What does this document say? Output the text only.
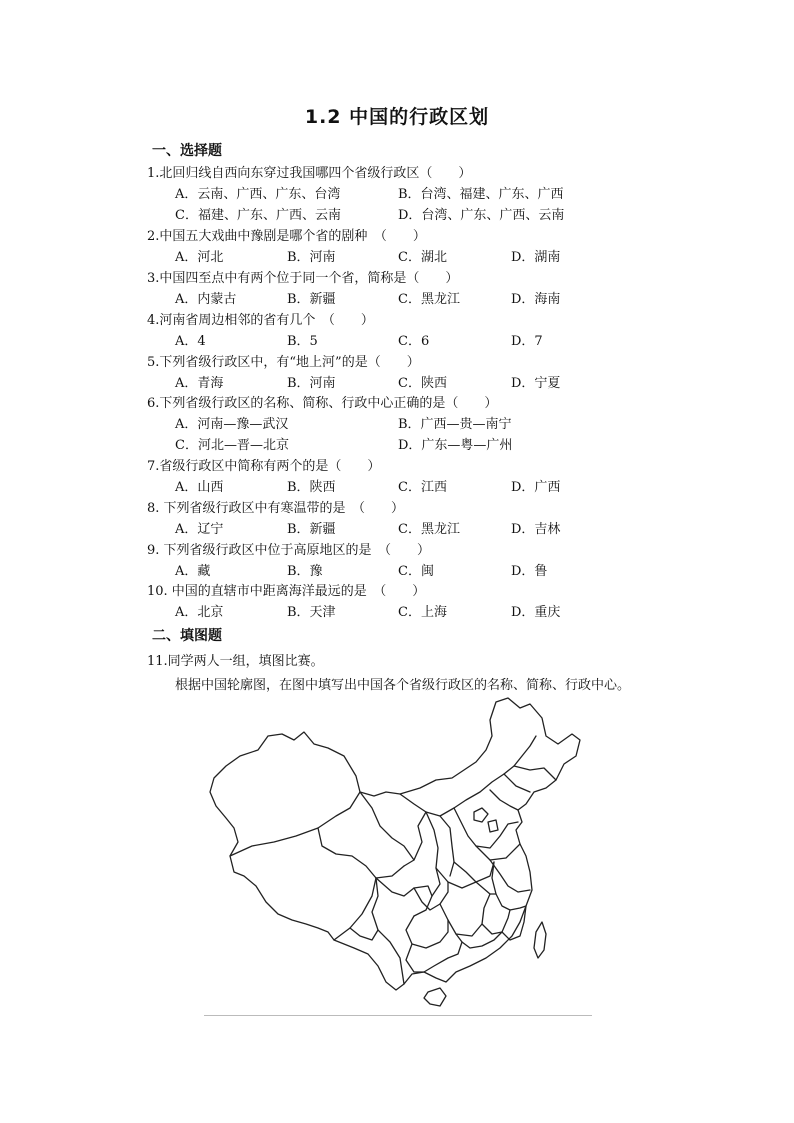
1.2 中国的行政区划
一、选择题
1.北回归线自西向东穿过我国哪四个省级行政区（　　）
A．云南、广西、广东、台湾	B．台湾、福建、广东、广西
C．福建、广东、广西、云南	D．台湾、广东、广西、云南
2.中国五大戏曲中豫剧是哪个省的剧种　（　　）
A．河北	B．河南	C．湖北	D．湖南
3.中国四至点中有两个位于同一个省，简称是（　　）
A．内蒙古	B．新疆	C．黑龙江	D．海南
4.河南省周边相邻的省有几个　（　　）
A．4	B．5	C．6	D．7
5.下列省级行政区中，有“地上河”的是（　　）
A．青海	B．河南	C．陕西	D．宁夏
6.下列省级行政区的名称、简称、行政中心正确的是（　　）
A．河南—豫—武汉	B．广西—贵—南宁
C．河北—晋—北京	D．广东—粤—广州
7.省级行政区中简称有两个的是（　　）
A．山西	B．陕西	C．江西	D．广西
8. 下列省级行政区中有寒温带的是　（　　）
A．辽宁	B．新疆	C．黑龙江	D．吉林
9. 下列省级行政区中位于高原地区的是　（　　）
A．藏	B．豫	C．闽	D．鲁
10. 中国的直辖市中距离海洋最远的是　（　　）
A．北京	B．天津	C．上海	D．重庆
二、填图题
11.同学两人一组，填图比赛。
根据中国轮廓图，在图中填写出中国各个省级行政区的名称、简称、行政中心。
